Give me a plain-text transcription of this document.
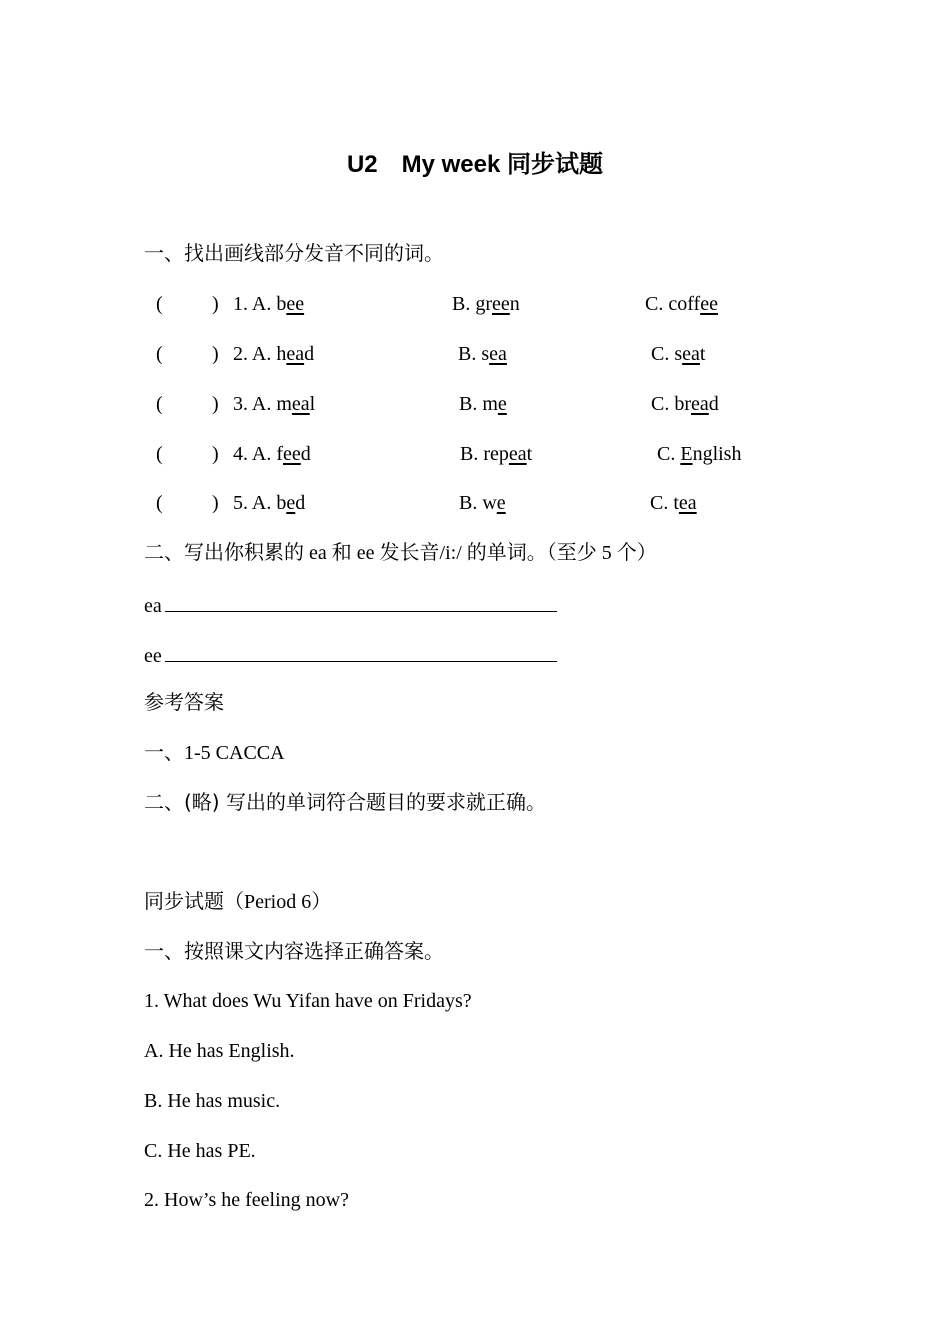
U2　My week 同步试题
一、找出画线部分发音不同的词。
( ) 1. A. bee	B. green	C. coffee
( ) 2. A. head	B. sea	C. seat
( ) 3. A. meal	B. me	C. bread
( ) 4. A. feed	B. repeat	C. English
( ) 5. A. bed	B. we	C. tea
二、写出你积累的 ea 和 ee 发长音/i:/ 的单词。（至少 5 个）
ea
ee
参考答案
一、1-5 CACCA
二、(略) 写出的单词符合题目的要求就正确。
同步试题（Period 6）
一、按照课文内容选择正确答案。
1. What does Wu Yifan have on Fridays?
A. He has English.
B. He has music.
C. He has PE.
2. How’s he feeling now?
